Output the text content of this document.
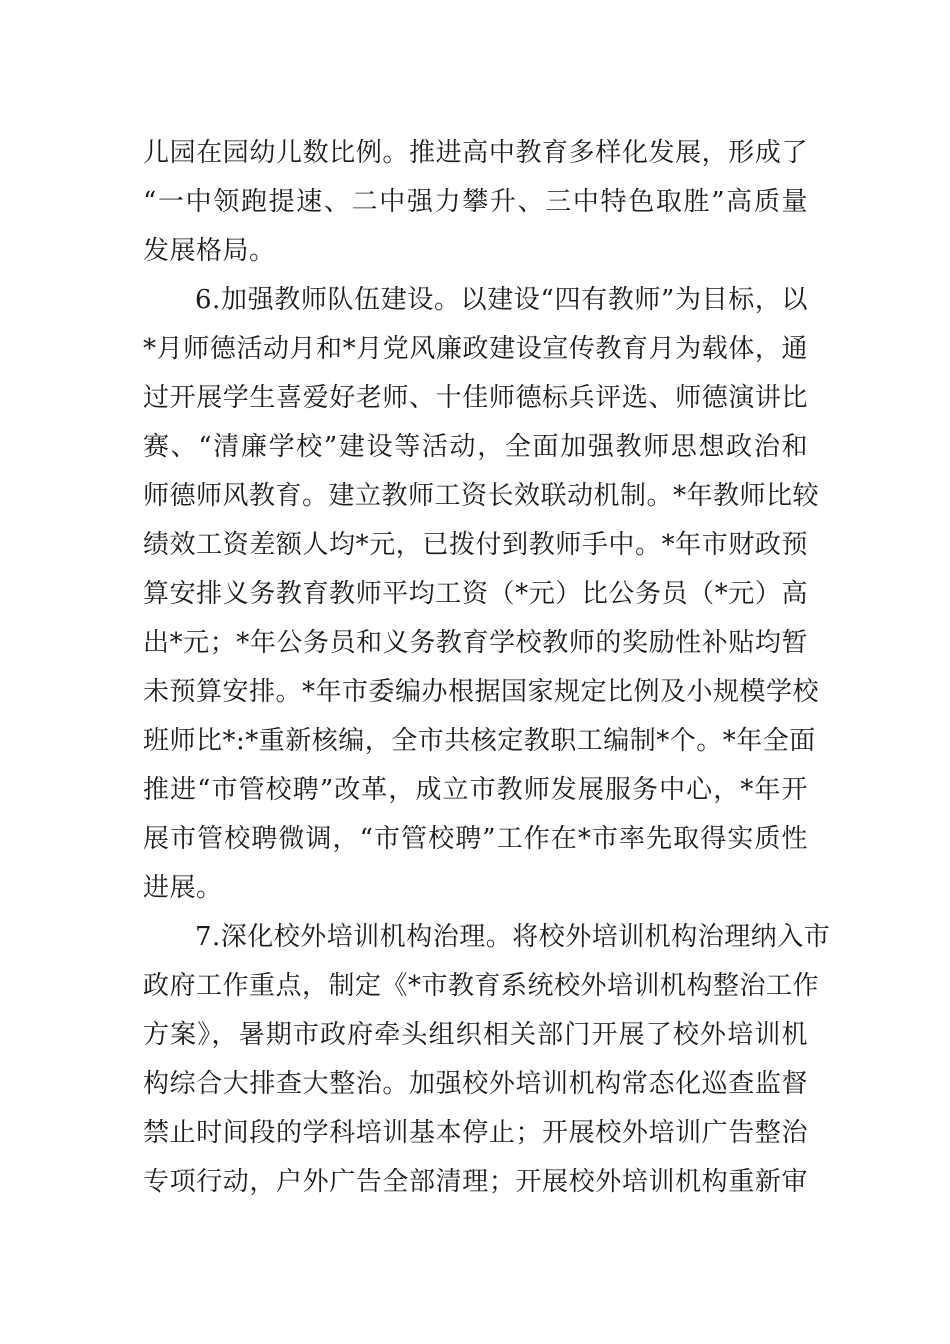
儿园在园幼儿数比例。推进高中教育多样化发展，形成了
“一中领跑提速、二中强力攀升、三中特色取胜”高质量
发展格局。
6.加强教师队伍建设。以建设“四有教师”为目标，以
*月师德活动月和*月党风廉政建设宣传教育月为载体，通
过开展学生喜爱好老师、十佳师德标兵评选、师德演讲比
赛、“清廉学校”建设等活动，全面加强教师思想政治和
师德师风教育。建立教师工资长效联动机制。*年教师比较
绩效工资差额人均*元，已拨付到教师手中。*年市财政预
算安排义务教育教师平均工资（*元）比公务员（*元）高
出*元；*年公务员和义务教育学校教师的奖励性补贴均暂
未预算安排。*年市委编办根据国家规定比例及小规模学校
班师比*:*重新核编，全市共核定教职工编制*个。*年全面
推进“市管校聘”改革，成立市教师发展服务中心，*年开
展市管校聘微调，“市管校聘”工作在*市率先取得实质性
进展。
7.深化校外培训机构治理。将校外培训机构治理纳入市
政府工作重点，制定《*市教育系统校外培训机构整治工作
方案》，暑期市政府牵头组织相关部门开展了校外培训机
构综合大排查大整治。加强校外培训机构常态化巡查监督
禁止时间段的学科培训基本停止；开展校外培训广告整治
专项行动，户外广告全部清理；开展校外培训机构重新审
